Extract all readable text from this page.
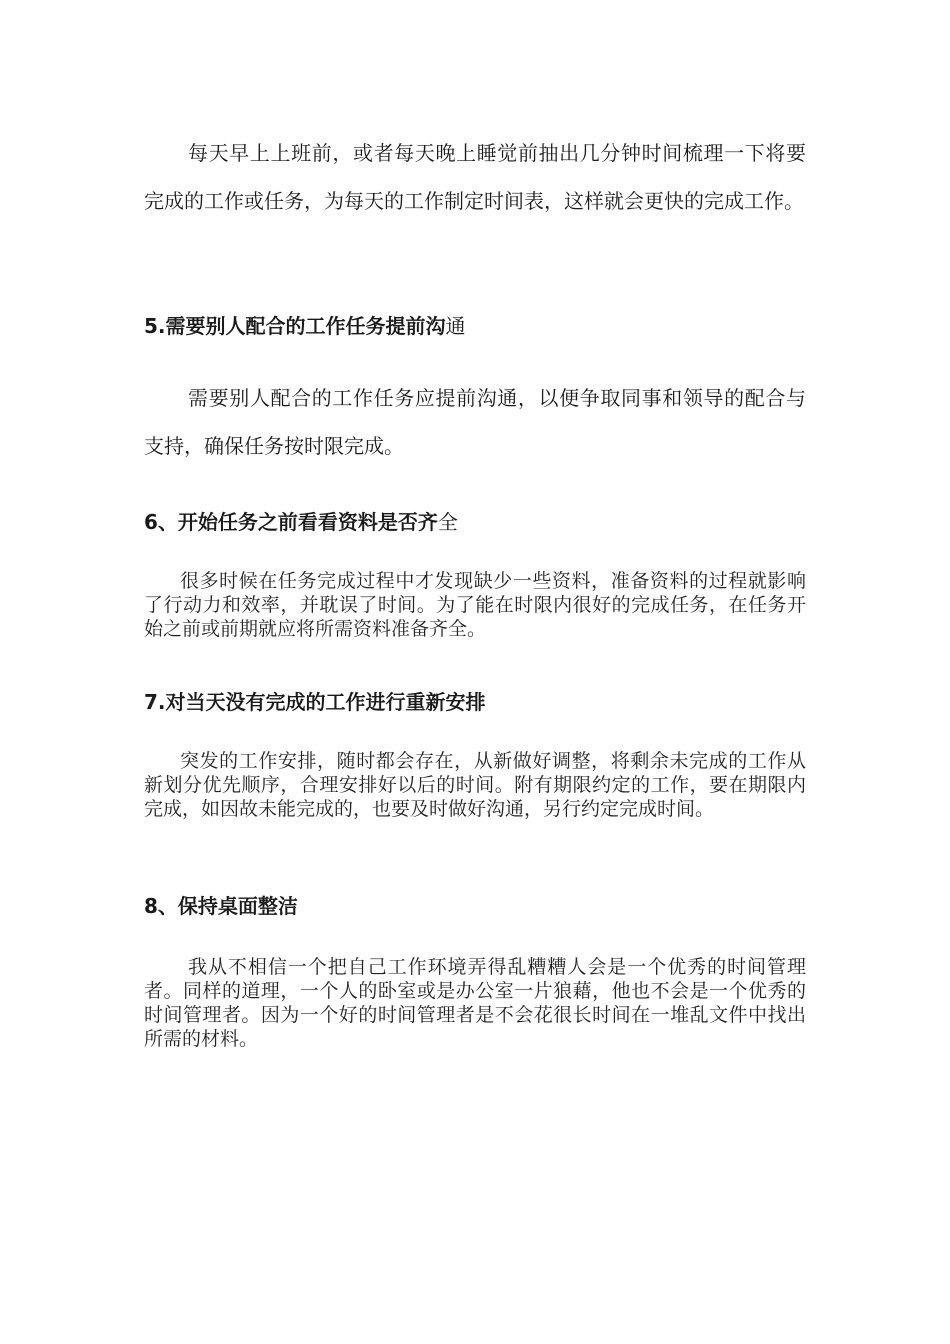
每天早上上班前，或者每天晚上睡觉前抽出几分钟时间梳理一下将要完成的工作或任务，为每天的工作制定时间表，这样就会更快的完成工作。

5.需要别人配合的工作任务提前沟通

需要别人配合的工作任务应提前沟通，以便争取同事和领导的配合与支持，确保任务按时限完成。

6、开始任务之前看看资料是否齐全

很多时候在任务完成过程中才发现缺少一些资料，准备资料的过程就影响了行动力和效率，并耽误了时间。为了能在时限内很好的完成任务，在任务开始之前或前期就应将所需资料准备齐全。

7.对当天没有完成的工作进行重新安排

突发的工作安排，随时都会存在，从新做好调整，将剩余未完成的工作从新划分优先顺序，合理安排好以后的时间。附有期限约定的工作，要在期限内完成，如因故未能完成的，也要及时做好沟通，另行约定完成时间。

8、保持桌面整洁

我从不相信一个把自己工作环境弄得乱糟糟人会是一个优秀的时间管理者。同样的道理，一个人的卧室或是办公室一片狼藉，他也不会是一个优秀的时间管理者。因为一个好的时间管理者是不会花很长时间在一堆乱文件中找出所需的材料。
